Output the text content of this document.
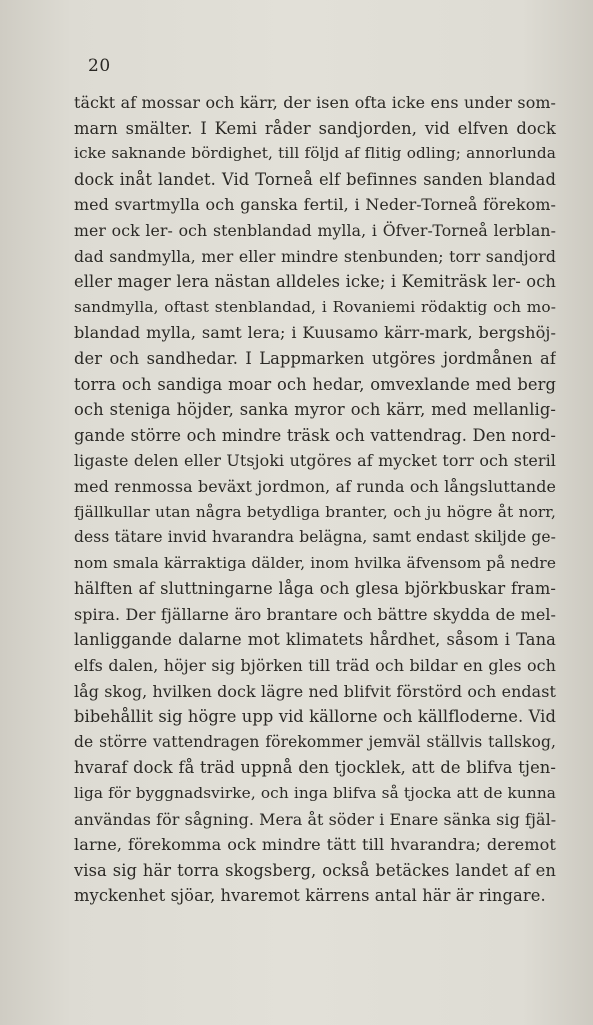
20
täckt af mossar och kärr, der isen ofta icke ens under som-
marn smälter. I Kemi råder sandjorden, vid elfven dock
icke saknande bördighet, till följd af flitig odling; annorlunda
dock inåt landet. Vid Torneå elf befinnes sanden blandad
med svartmylla och ganska fertil, i Neder-Torneå förekom-
mer ock ler- och stenblandad mylla, i Öfver-Torneå lerblan-
dad sandmylla, mer eller mindre stenbunden; torr sandjord
eller mager lera nästan alldeles icke; i Kemiträsk ler- och
sandmylla, oftast stenblandad, i Rovaniemi rödaktig och mo-
blandad mylla, samt lera; i Kuusamo kärr-mark, bergshöj-
der och sandhedar. I Lappmarken utgöres jordmånen af
torra och sandiga moar och hedar, omvexlande med berg
och steniga höjder, sanka myror och kärr, med mellanlig-
gande större och mindre träsk och vattendrag. Den nord-
ligaste delen eller Utsjoki utgöres af mycket torr och steril
med renmossa beväxt jordmon, af runda och långsluttande
fjällkullar utan några betydliga branter, och ju högre åt norr,
dess tätare invid hvarandra belägna, samt endast skiljde ge-
nom smala kärraktiga dälder, inom hvilka äfvensom på nedre
hälften af sluttningarne låga och glesa björkbuskar fram-
spira. Der fjällarne äro brantare och bättre skydda de mel-
lanliggande dalarne mot klimatets hårdhet, såsom i Tana
elfs dalen, höjer sig björken till träd och bildar en gles och
låg skog, hvilken dock lägre ned blifvit förstörd och endast
bibehållit sig högre upp vid källorne och källfloderne. Vid
de större vattendragen förekommer jemväl ställvis tallskog,
hvaraf dock få träd uppnå den tjocklek, att de blifva tjen-
liga för byggnadsvirke, och inga blifva så tjocka att de kunna
användas för sågning. Mera åt söder i Enare sänka sig fjäl-
larne, förekomma ock mindre tätt till hvarandra; deremot
visa sig här torra skogsberg, också betäckes landet af en
myckenhet sjöar, hvaremot kärrens antal här är ringare.
